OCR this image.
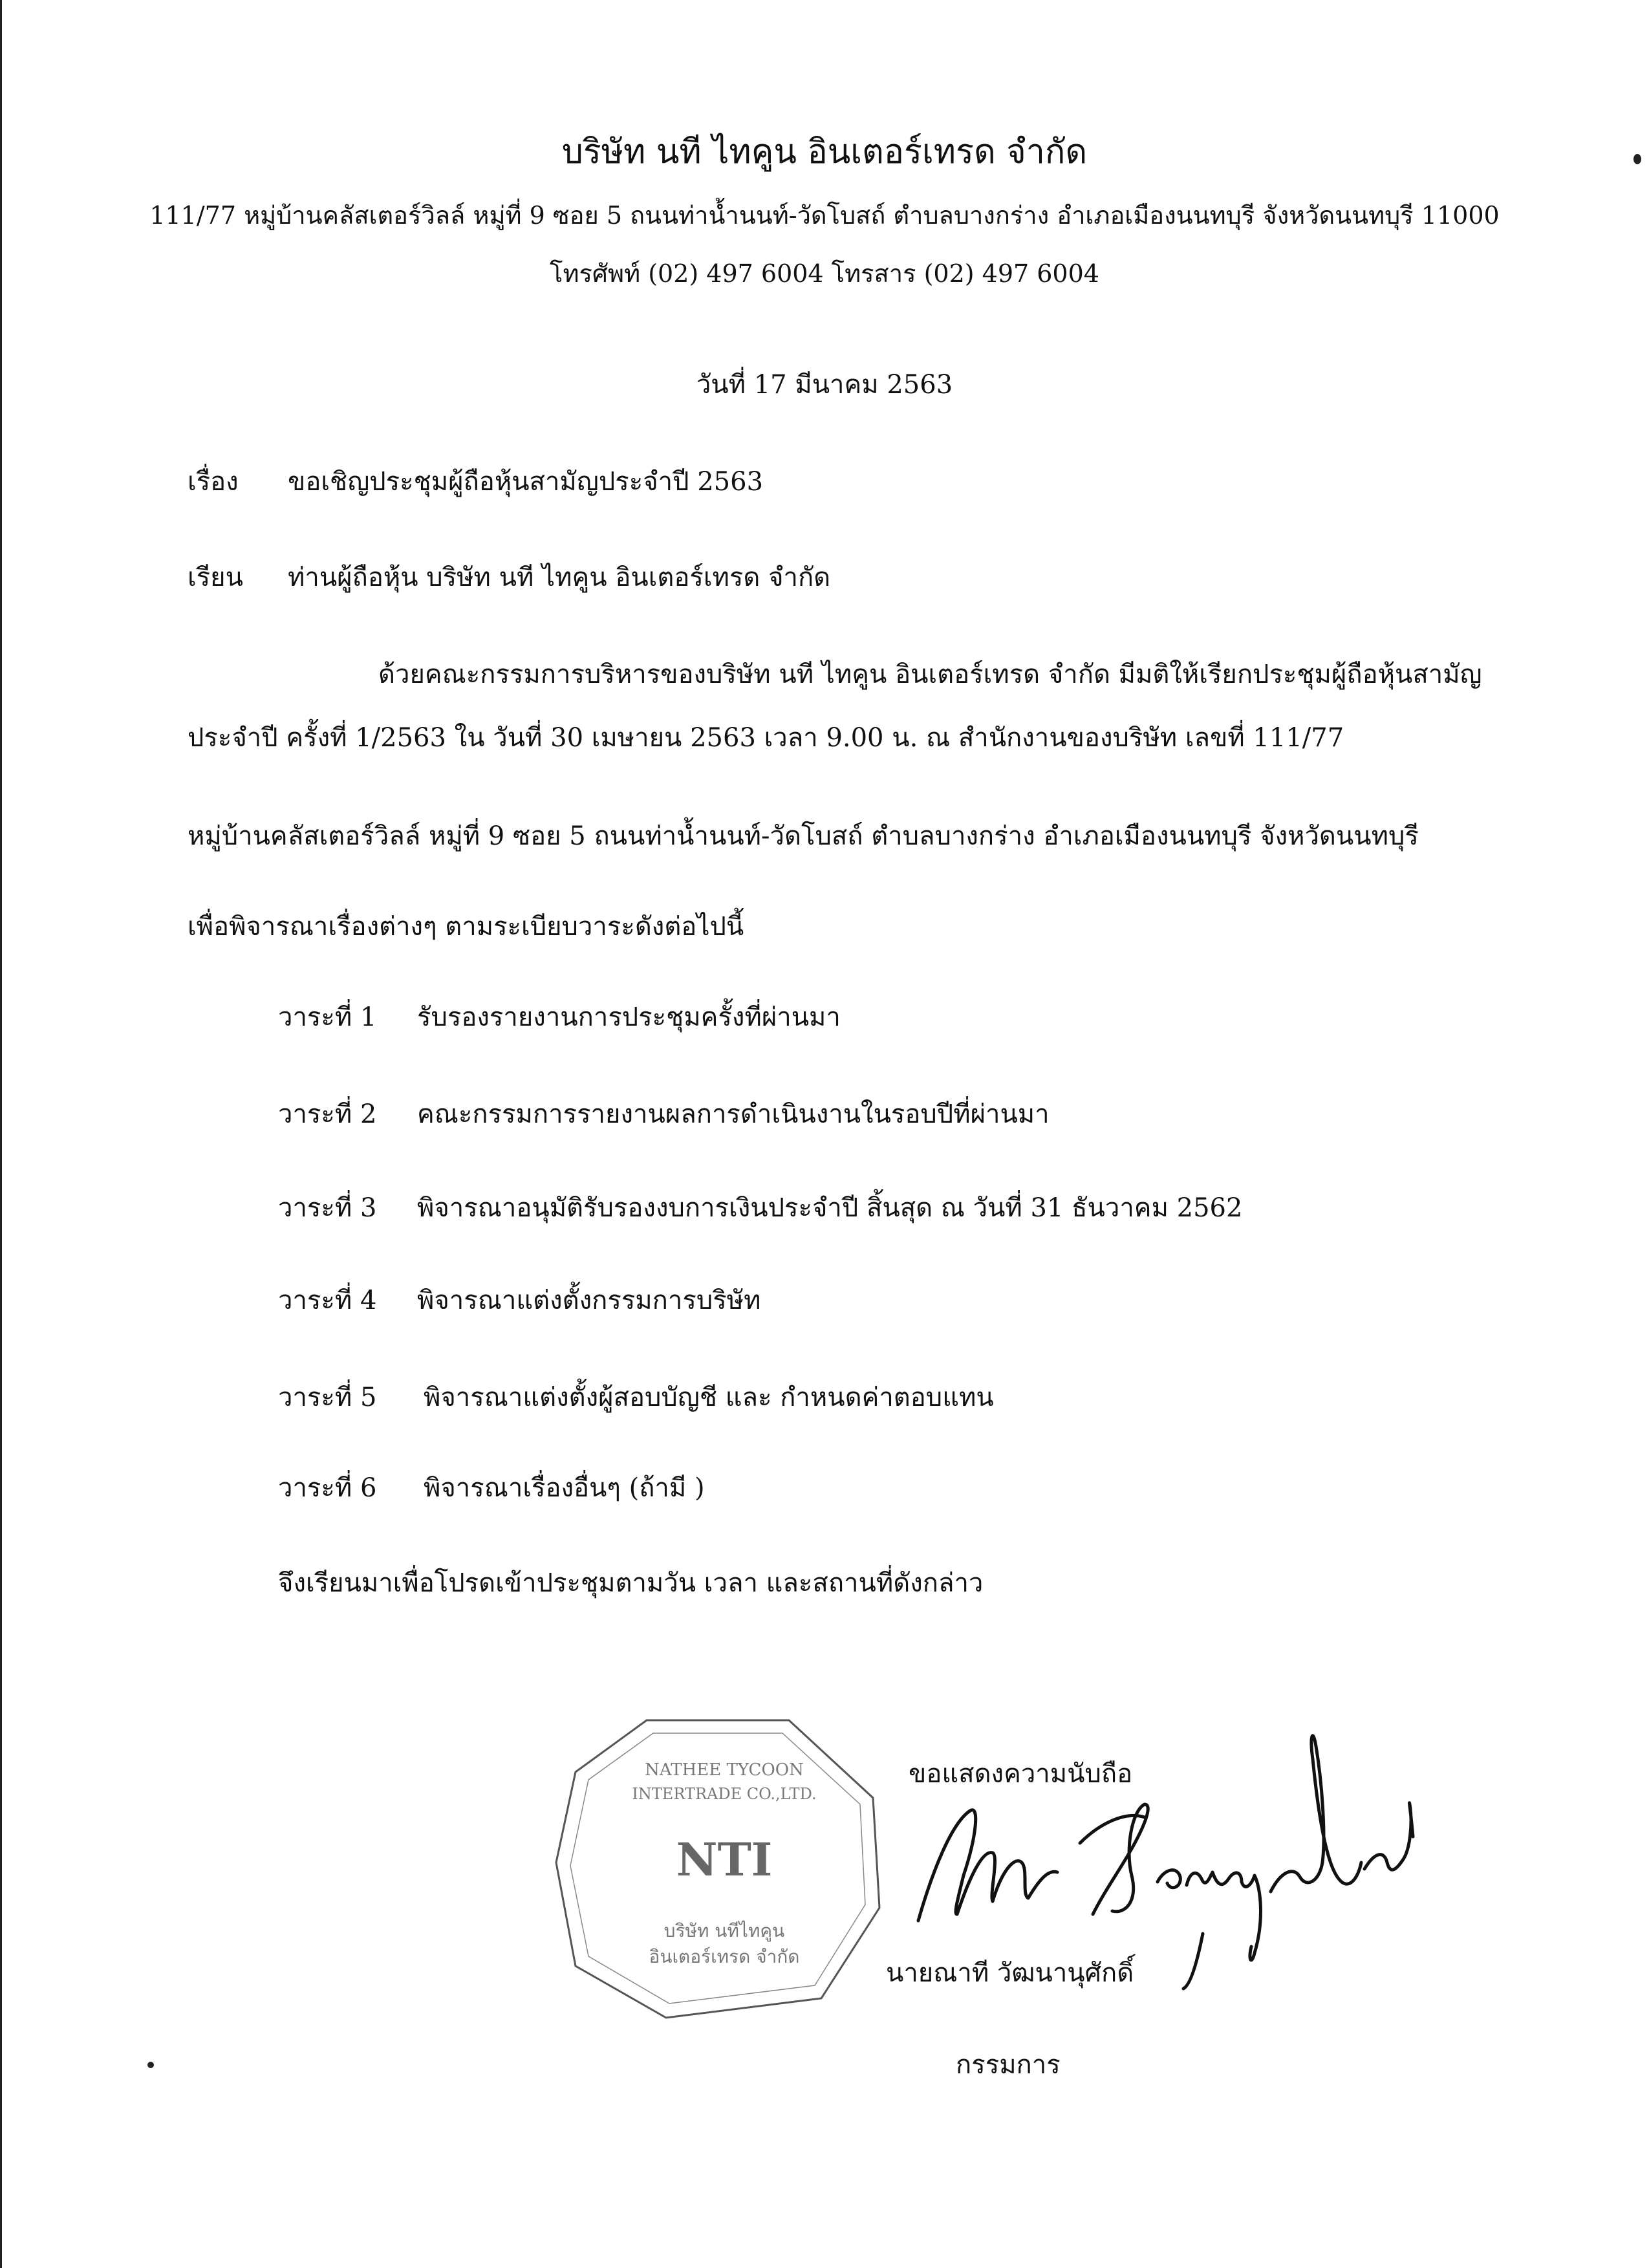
บริษัท นที ไทคูน อินเตอร์เทรด จำกัด
111/77 หมู่บ้านคลัสเตอร์วิลล์ หมู่ที่ 9 ซอย 5 ถนนท่าน้ำนนท์-วัดโบสถ์ ตำบลบางกร่าง อำเภอเมืองนนทบุรี จังหวัดนนทบุรี 11000
โทรศัพท์ (02) 497 6004 โทรสาร (02) 497 6004
วันที่ 17 มีนาคม 2563
เรื่อง ขอเชิญประชุมผู้ถือหุ้นสามัญประจำปี 2563
เรียน ท่านผู้ถือหุ้น บริษัท นที ไทคูน อินเตอร์เทรด จำกัด
ด้วยคณะกรรมการบริหารของบริษัท นที ไทคูน อินเตอร์เทรด จำกัด มีมติให้เรียกประชุมผู้ถือหุ้นสามัญ
ประจำปี ครั้งที่ 1/2563 ใน วันที่ 30 เมษายน 2563 เวลา 9.00 น. ณ สำนักงานของบริษัท เลขที่ 111/77
หมู่บ้านคลัสเตอร์วิลล์ หมู่ที่ 9 ซอย 5 ถนนท่าน้ำนนท์-วัดโบสถ์ ตำบลบางกร่าง อำเภอเมืองนนทบุรี จังหวัดนนทบุรี
เพื่อพิจารณาเรื่องต่างๆ ตามระเบียบวาระดังต่อไปนี้
วาระที่ 1 รับรองรายงานการประชุมครั้งที่ผ่านมา
วาระที่ 2 คณะกรรมการรายงานผลการดำเนินงานในรอบปีที่ผ่านมา
วาระที่ 3 พิจารณาอนุมัติรับรองงบการเงินประจำปี สิ้นสุด ณ วันที่ 31 ธันวาคม 2562
วาระที่ 4 พิจารณาแต่งตั้งกรรมการบริษัท
วาระที่ 5 พิจารณาแต่งตั้งผู้สอบบัญชี และ กำหนดค่าตอบแทน
วาระที่ 6 พิจารณาเรื่องอื่นๆ (ถ้ามี )
จึงเรียนมาเพื่อโปรดเข้าประชุมตามวัน เวลา และสถานที่ดังกล่าว
ขอแสดงความนับถือ
NATHEE TYCOON
INTERTRADE CO.,LTD.
NTI
บริษัท นทีไทคูน
อินเตอร์เทรด จำกัด
นายณาที วัฒนานุศักดิ์
กรรมการ
